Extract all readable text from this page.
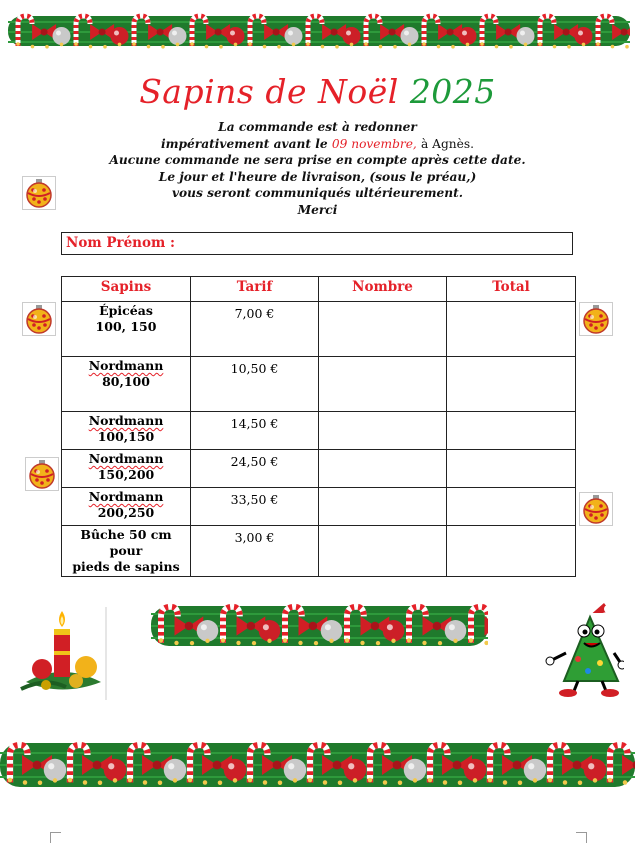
Sapins de Noël 2025
La commande est à redonner
impérativement avant le 09 novembre, à Agnès.
Aucune commande ne sera prise en compte après cette date.
Le jour et l'heure de livraison, (sous le préau,)
vous seront communiqués ultérieurement.
Merci
Nom Prénom :
Sapins	Tarif	Nombre	Total

Épicéas
100, 150	7,00 €		

Nordmann
80,100	10,50 €		

Nordmann
100,150	14,50 €		

Nordmann
150,200	24,50 €		

Nordmann
200,250	33,50 €		

Bûche 50 cm pour
pieds de sapins	3,00 €		
